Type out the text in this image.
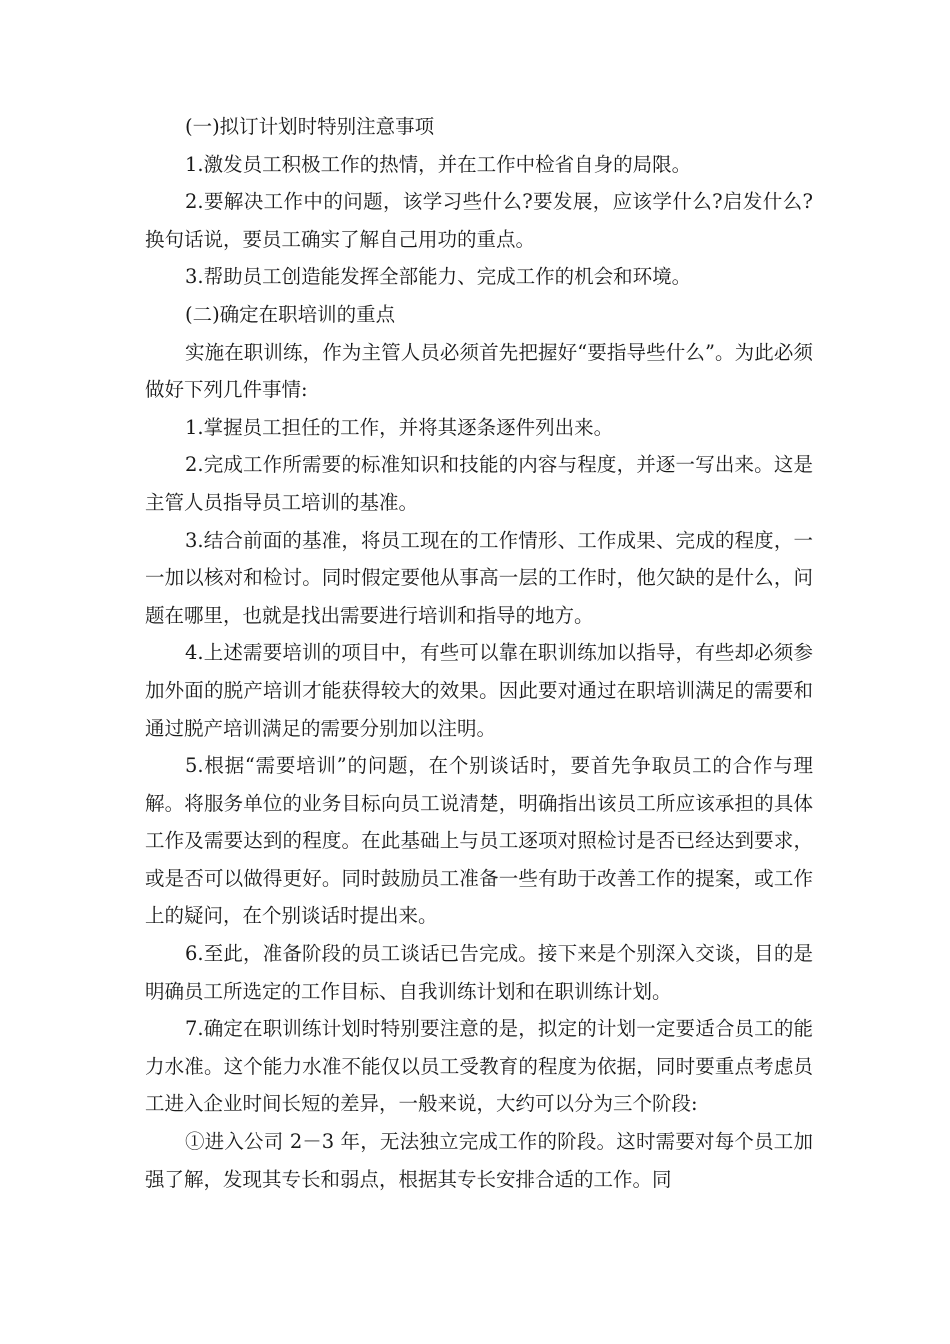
(一)拟订计划时特别注意事项

1.激发员工积极工作的热情，并在工作中检省自身的局限。

2.要解决工作中的问题，该学习些什么?要发展，应该学什么?启发什么?换句话说，要员工确实了解自己用功的重点。

3.帮助员工创造能发挥全部能力、完成工作的机会和环境。

(二)确定在职培训的重点

实施在职训练，作为主管人员必须首先把握好“要指导些什么”。为此必须做好下列几件事情:

1.掌握员工担任的工作，并将其逐条逐件列出来。

2.完成工作所需要的标准知识和技能的内容与程度，并逐一写出来。这是主管人员指导员工培训的基准。

3.结合前面的基准，将员工现在的工作情形、工作成果、完成的程度，一一加以核对和检讨。同时假定要他从事高一层的工作时，他欠缺的是什么，问题在哪里，也就是找出需要进行培训和指导的地方。

4.上述需要培训的项目中，有些可以靠在职训练加以指导，有些却必须参加外面的脱产培训才能获得较大的效果。因此要对通过在职培训满足的需要和通过脱产培训满足的需要分别加以注明。

5.根据“需要培训”的问题，在个别谈话时，要首先争取员工的合作与理解。将服务单位的业务目标向员工说清楚，明确指出该员工所应该承担的具体工作及需要达到的程度。在此基础上与员工逐项对照检讨是否已经达到要求，或是否可以做得更好。同时鼓励员工准备一些有助于改善工作的提案，或工作上的疑问，在个别谈话时提出来。

6.至此，准备阶段的员工谈话已告完成。接下来是个别深入交谈，目的是明确员工所选定的工作目标、自我训练计划和在职训练计划。

7.确定在职训练计划时特别要注意的是，拟定的计划一定要适合员工的能力水准。这个能力水准不能仅以员工受教育的程度为依据，同时要重点考虑员工进入企业时间长短的差异，一般来说，大约可以分为三个阶段:

①进入公司 2－3 年，无法独立完成工作的阶段。这时需要对每个员工加强了解，发现其专长和弱点，根据其专长安排合适的工作。同
